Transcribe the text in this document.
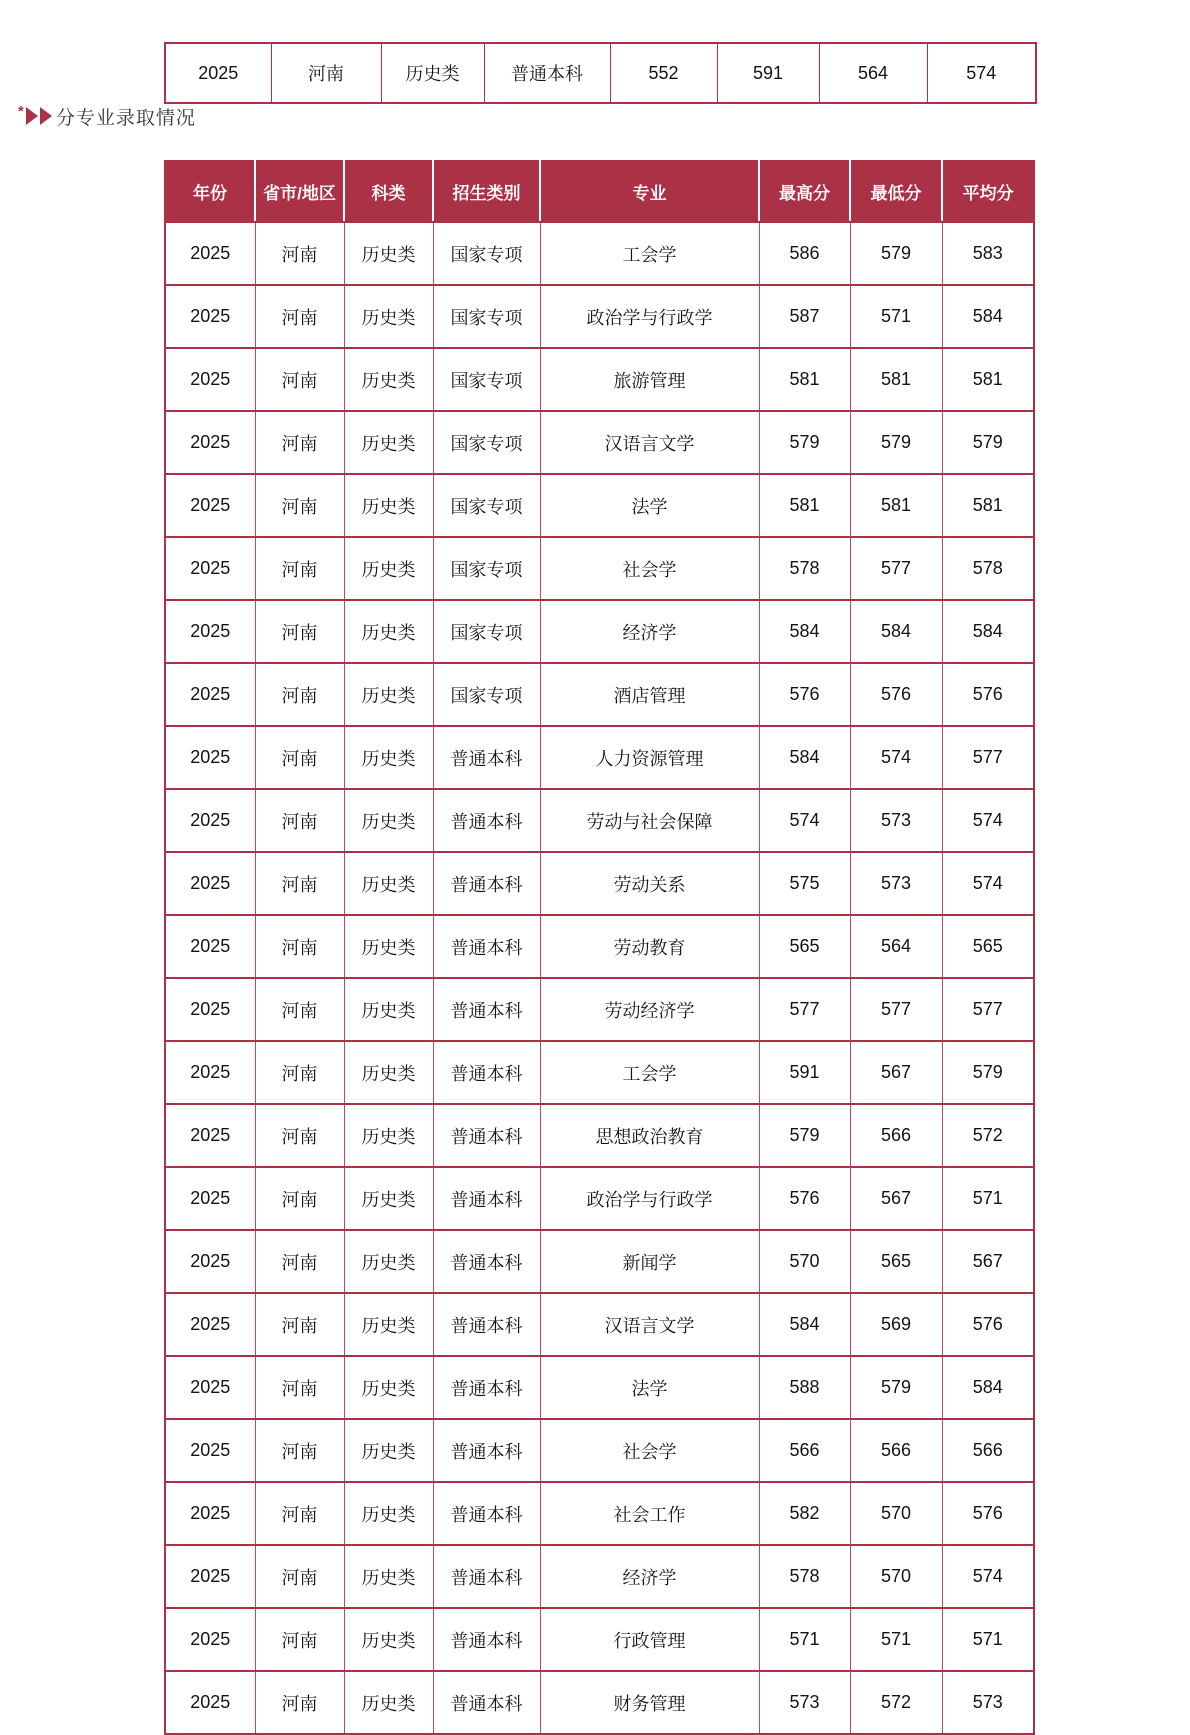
2025	河南	历史类	普通本科	552	591	564	574
* 分专业录取情况
年份	省市/地区	科类	招生类别	专业	最高分	最低分	平均分
2025	河南	历史类	国家专项	工会学	586	579	583
2025	河南	历史类	国家专项	政治学与行政学	587	571	584
2025	河南	历史类	国家专项	旅游管理	581	581	581
2025	河南	历史类	国家专项	汉语言文学	579	579	579
2025	河南	历史类	国家专项	法学	581	581	581
2025	河南	历史类	国家专项	社会学	578	577	578
2025	河南	历史类	国家专项	经济学	584	584	584
2025	河南	历史类	国家专项	酒店管理	576	576	576
2025	河南	历史类	普通本科	人力资源管理	584	574	577
2025	河南	历史类	普通本科	劳动与社会保障	574	573	574
2025	河南	历史类	普通本科	劳动关系	575	573	574
2025	河南	历史类	普通本科	劳动教育	565	564	565
2025	河南	历史类	普通本科	劳动经济学	577	577	577
2025	河南	历史类	普通本科	工会学	591	567	579
2025	河南	历史类	普通本科	思想政治教育	579	566	572
2025	河南	历史类	普通本科	政治学与行政学	576	567	571
2025	河南	历史类	普通本科	新闻学	570	565	567
2025	河南	历史类	普通本科	汉语言文学	584	569	576
2025	河南	历史类	普通本科	法学	588	579	584
2025	河南	历史类	普通本科	社会学	566	566	566
2025	河南	历史类	普通本科	社会工作	582	570	576
2025	河南	历史类	普通本科	经济学	578	570	574
2025	河南	历史类	普通本科	行政管理	571	571	571
2025	河南	历史类	普通本科	财务管理	573	572	573
